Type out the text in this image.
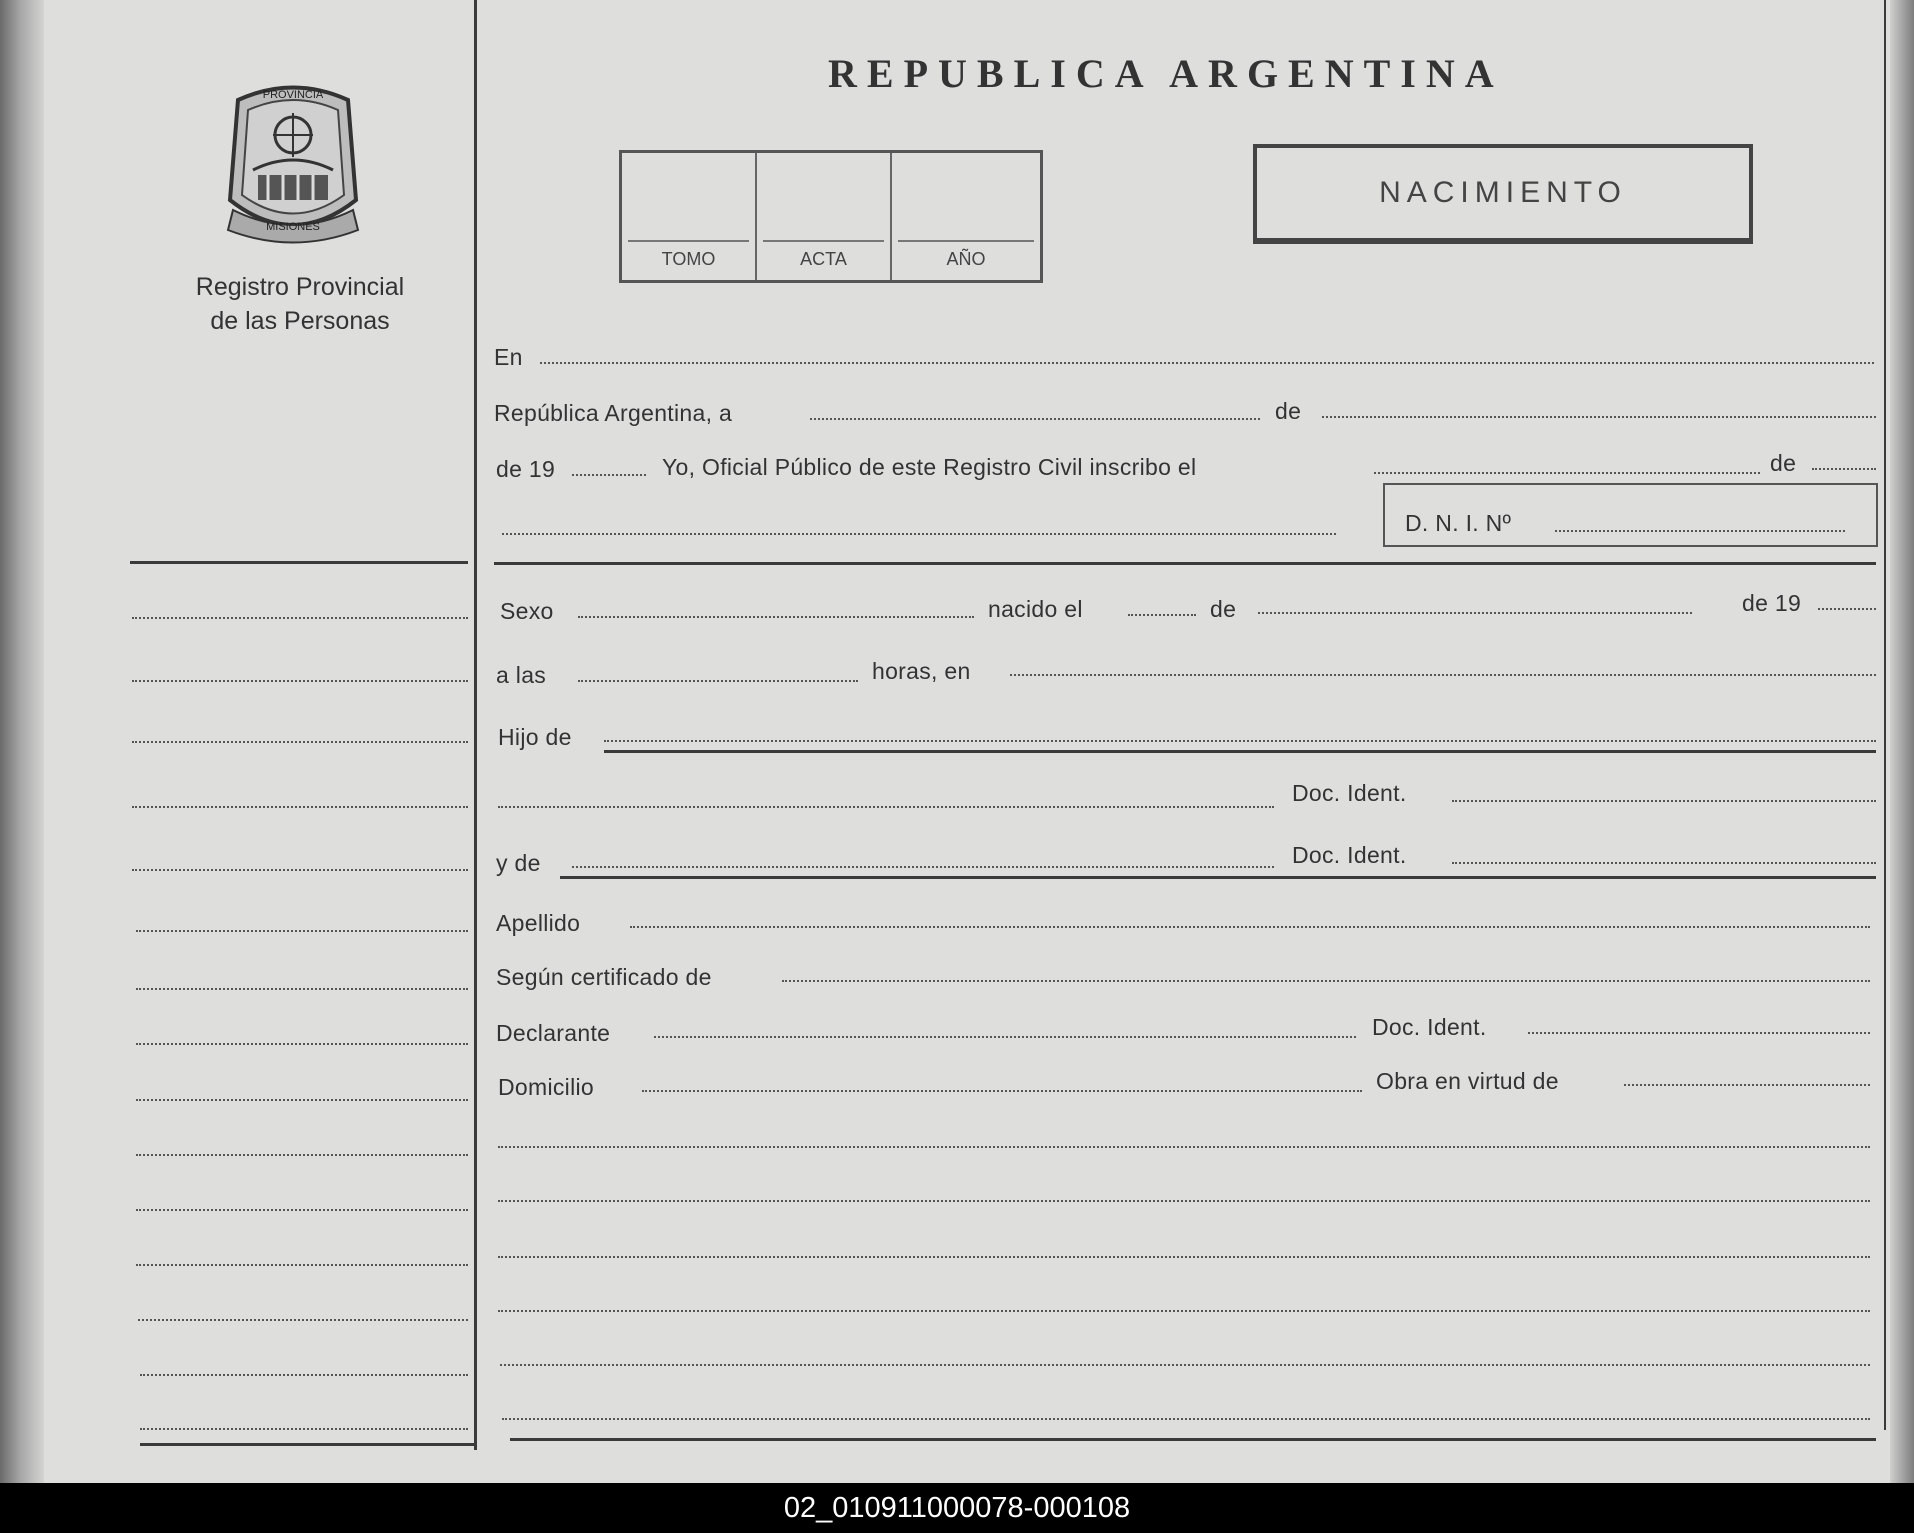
PROVINCIA
MISIONES
Registro Provincial
de las Personas
REPUBLICA ARGENTINA
TOMO	ACTA	AÑO
NACIMIENTO
En
República Argentina, a	de
de 19	Yo, Oficial Público de este Registro Civil inscribo el	de
D. N. I. Nº
Sexo	nacido el	de	de 19
a las	horas, en
Hijo de
Doc. Ident.
y de	Doc. Ident.
Apellido
Según certificado de
Declarante	Doc. Ident.
Domicilio	Obra en virtud de
02_010911000078-000108
